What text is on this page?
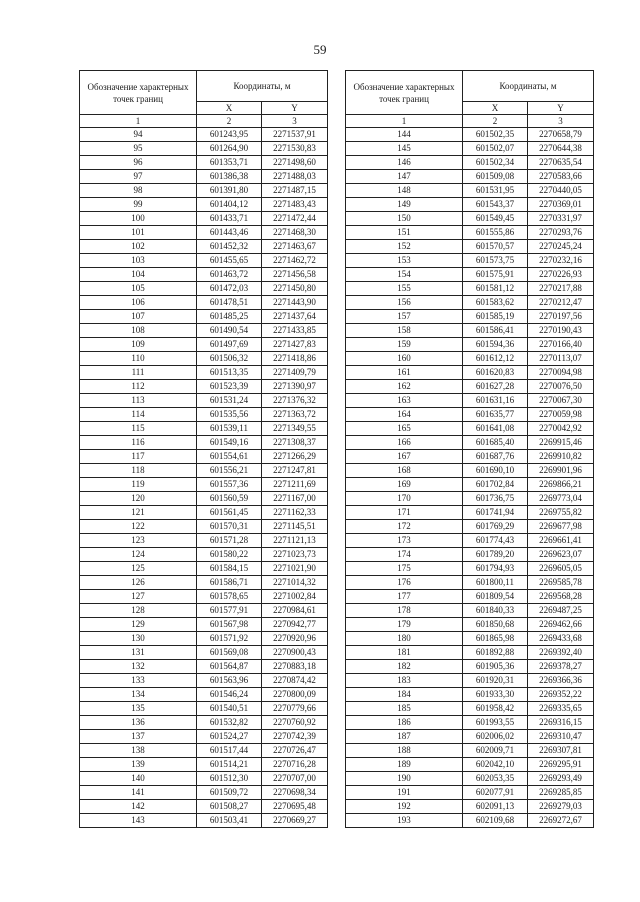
59
Обозначение характерных точек границ	Координаты, м	
	X	Y
1	2	3
94	601243,95	2271537,91
95	601264,90	2271530,83
96	601353,71	2271498,60
97	601386,38	2271488,03
98	601391,80	2271487,15
99	601404,12	2271483,43
100	601433,71	2271472,44
101	601443,46	2271468,30
102	601452,32	2271463,67
103	601455,65	2271462,72
104	601463,72	2271456,58
105	601472,03	2271450,80
106	601478,51	2271443,90
107	601485,25	2271437,64
108	601490,54	2271433,85
109	601497,69	2271427,83
110	601506,32	2271418,86
111	601513,35	2271409,79
112	601523,39	2271390,97
113	601531,24	2271376,32
114	601535,56	2271363,72
115	601539,11	2271349,55
116	601549,16	2271308,37
117	601554,61	2271266,29
118	601556,21	2271247,81
119	601557,36	2271211,69
120	601560,59	2271167,00
121	601561,45	2271162,33
122	601570,31	2271145,51
123	601571,28	2271121,13
124	601580,22	2271023,73
125	601584,15	2271021,90
126	601586,71	2271014,32
127	601578,65	2271002,84
128	601577,91	2270984,61
129	601567,98	2270942,77
130	601571,92	2270920,96
131	601569,08	2270900,43
132	601564,87	2270883,18
133	601563,96	2270874,42
134	601546,24	2270800,09
135	601540,51	2270779,66
136	601532,82	2270760,92
137	601524,27	2270742,39
138	601517,44	2270726,47
139	601514,21	2270716,28
140	601512,30	2270707,00
141	601509,72	2270698,34
142	601508,27	2270695,48
143	601503,41	2270669,27
Обозначение характерных точек границ	Координаты, м	
	X	Y
1	2	3
144	601502,35	2270658,79
145	601502,07	2270644,38
146	601502,34	2270635,54
147	601509,08	2270583,66
148	601531,95	2270440,05
149	601543,37	2270369,01
150	601549,45	2270331,97
151	601555,86	2270293,76
152	601570,57	2270245,24
153	601573,75	2270232,16
154	601575,91	2270226,93
155	601581,12	2270217,88
156	601583,62	2270212,47
157	601585,19	2270197,56
158	601586,41	2270190,43
159	601594,36	2270166,40
160	601612,12	2270113,07
161	601620,83	2270094,98
162	601627,28	2270076,50
163	601631,16	2270067,30
164	601635,77	2270059,98
165	601641,08	2270042,92
166	601685,40	2269915,46
167	601687,76	2269910,82
168	601690,10	2269901,96
169	601702,84	2269866,21
170	601736,75	2269773,04
171	601741,94	2269755,82
172	601769,29	2269677,98
173	601774,43	2269661,41
174	601789,20	2269623,07
175	601794,93	2269605,05
176	601800,11	2269585,78
177	601809,54	2269568,28
178	601840,33	2269487,25
179	601850,68	2269462,66
180	601865,98	2269433,68
181	601892,88	2269392,40
182	601905,36	2269378,27
183	601920,31	2269366,36
184	601933,30	2269352,22
185	601958,42	2269335,65
186	601993,55	2269316,15
187	602006,02	2269310,47
188	602009,71	2269307,81
189	602042,10	2269295,91
190	602053,35	2269293,49
191	602077,91	2269285,85
192	602091,13	2269279,03
193	602109,68	2269272,67
